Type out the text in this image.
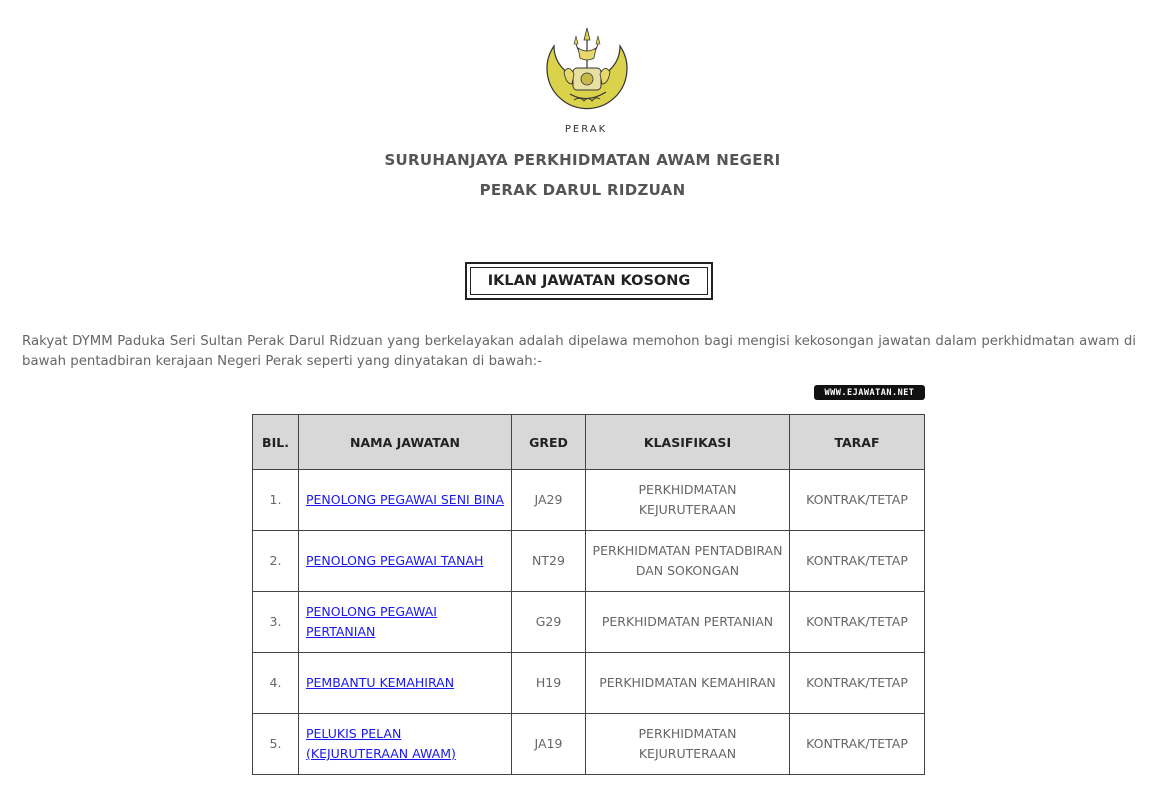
PERAK
SURUHANJAYA PERKHIDMATAN AWAM NEGERI
PERAK DARUL RIDZUAN
IKLAN JAWATAN KOSONG
Rakyat DYMM Paduka Seri Sultan Perak Darul Ridzuan yang berkelayakan adalah dipelawa memohon bagi mengisi kekosongan jawatan dalam perkhidmatan awam di bawah pentadbiran kerajaan Negeri Perak seperti yang dinyatakan di bawah:-
WWW.EJAWATAN.NET
BIL.	NAMA JAWATAN	GRED	KLASIFIKASI	TARAF
1.	PENOLONG PEGAWAI SENI BINA	JA29	PERKHIDMATAN KEJURUTERAAN	KONTRAK/TETAP
2.	PENOLONG PEGAWAI TANAH	NT29	PERKHIDMATAN PENTADBIRAN DAN SOKONGAN	KONTRAK/TETAP
3.	PENOLONG PEGAWAI PERTANIAN	G29	PERKHIDMATAN PERTANIAN	KONTRAK/TETAP
4.	PEMBANTU KEMAHIRAN	H19	PERKHIDMATAN KEMAHIRAN	KONTRAK/TETAP
5.	PELUKIS PELAN (KEJURUTERAAN AWAM)	JA19	PERKHIDMATAN KEJURUTERAAN	KONTRAK/TETAP
